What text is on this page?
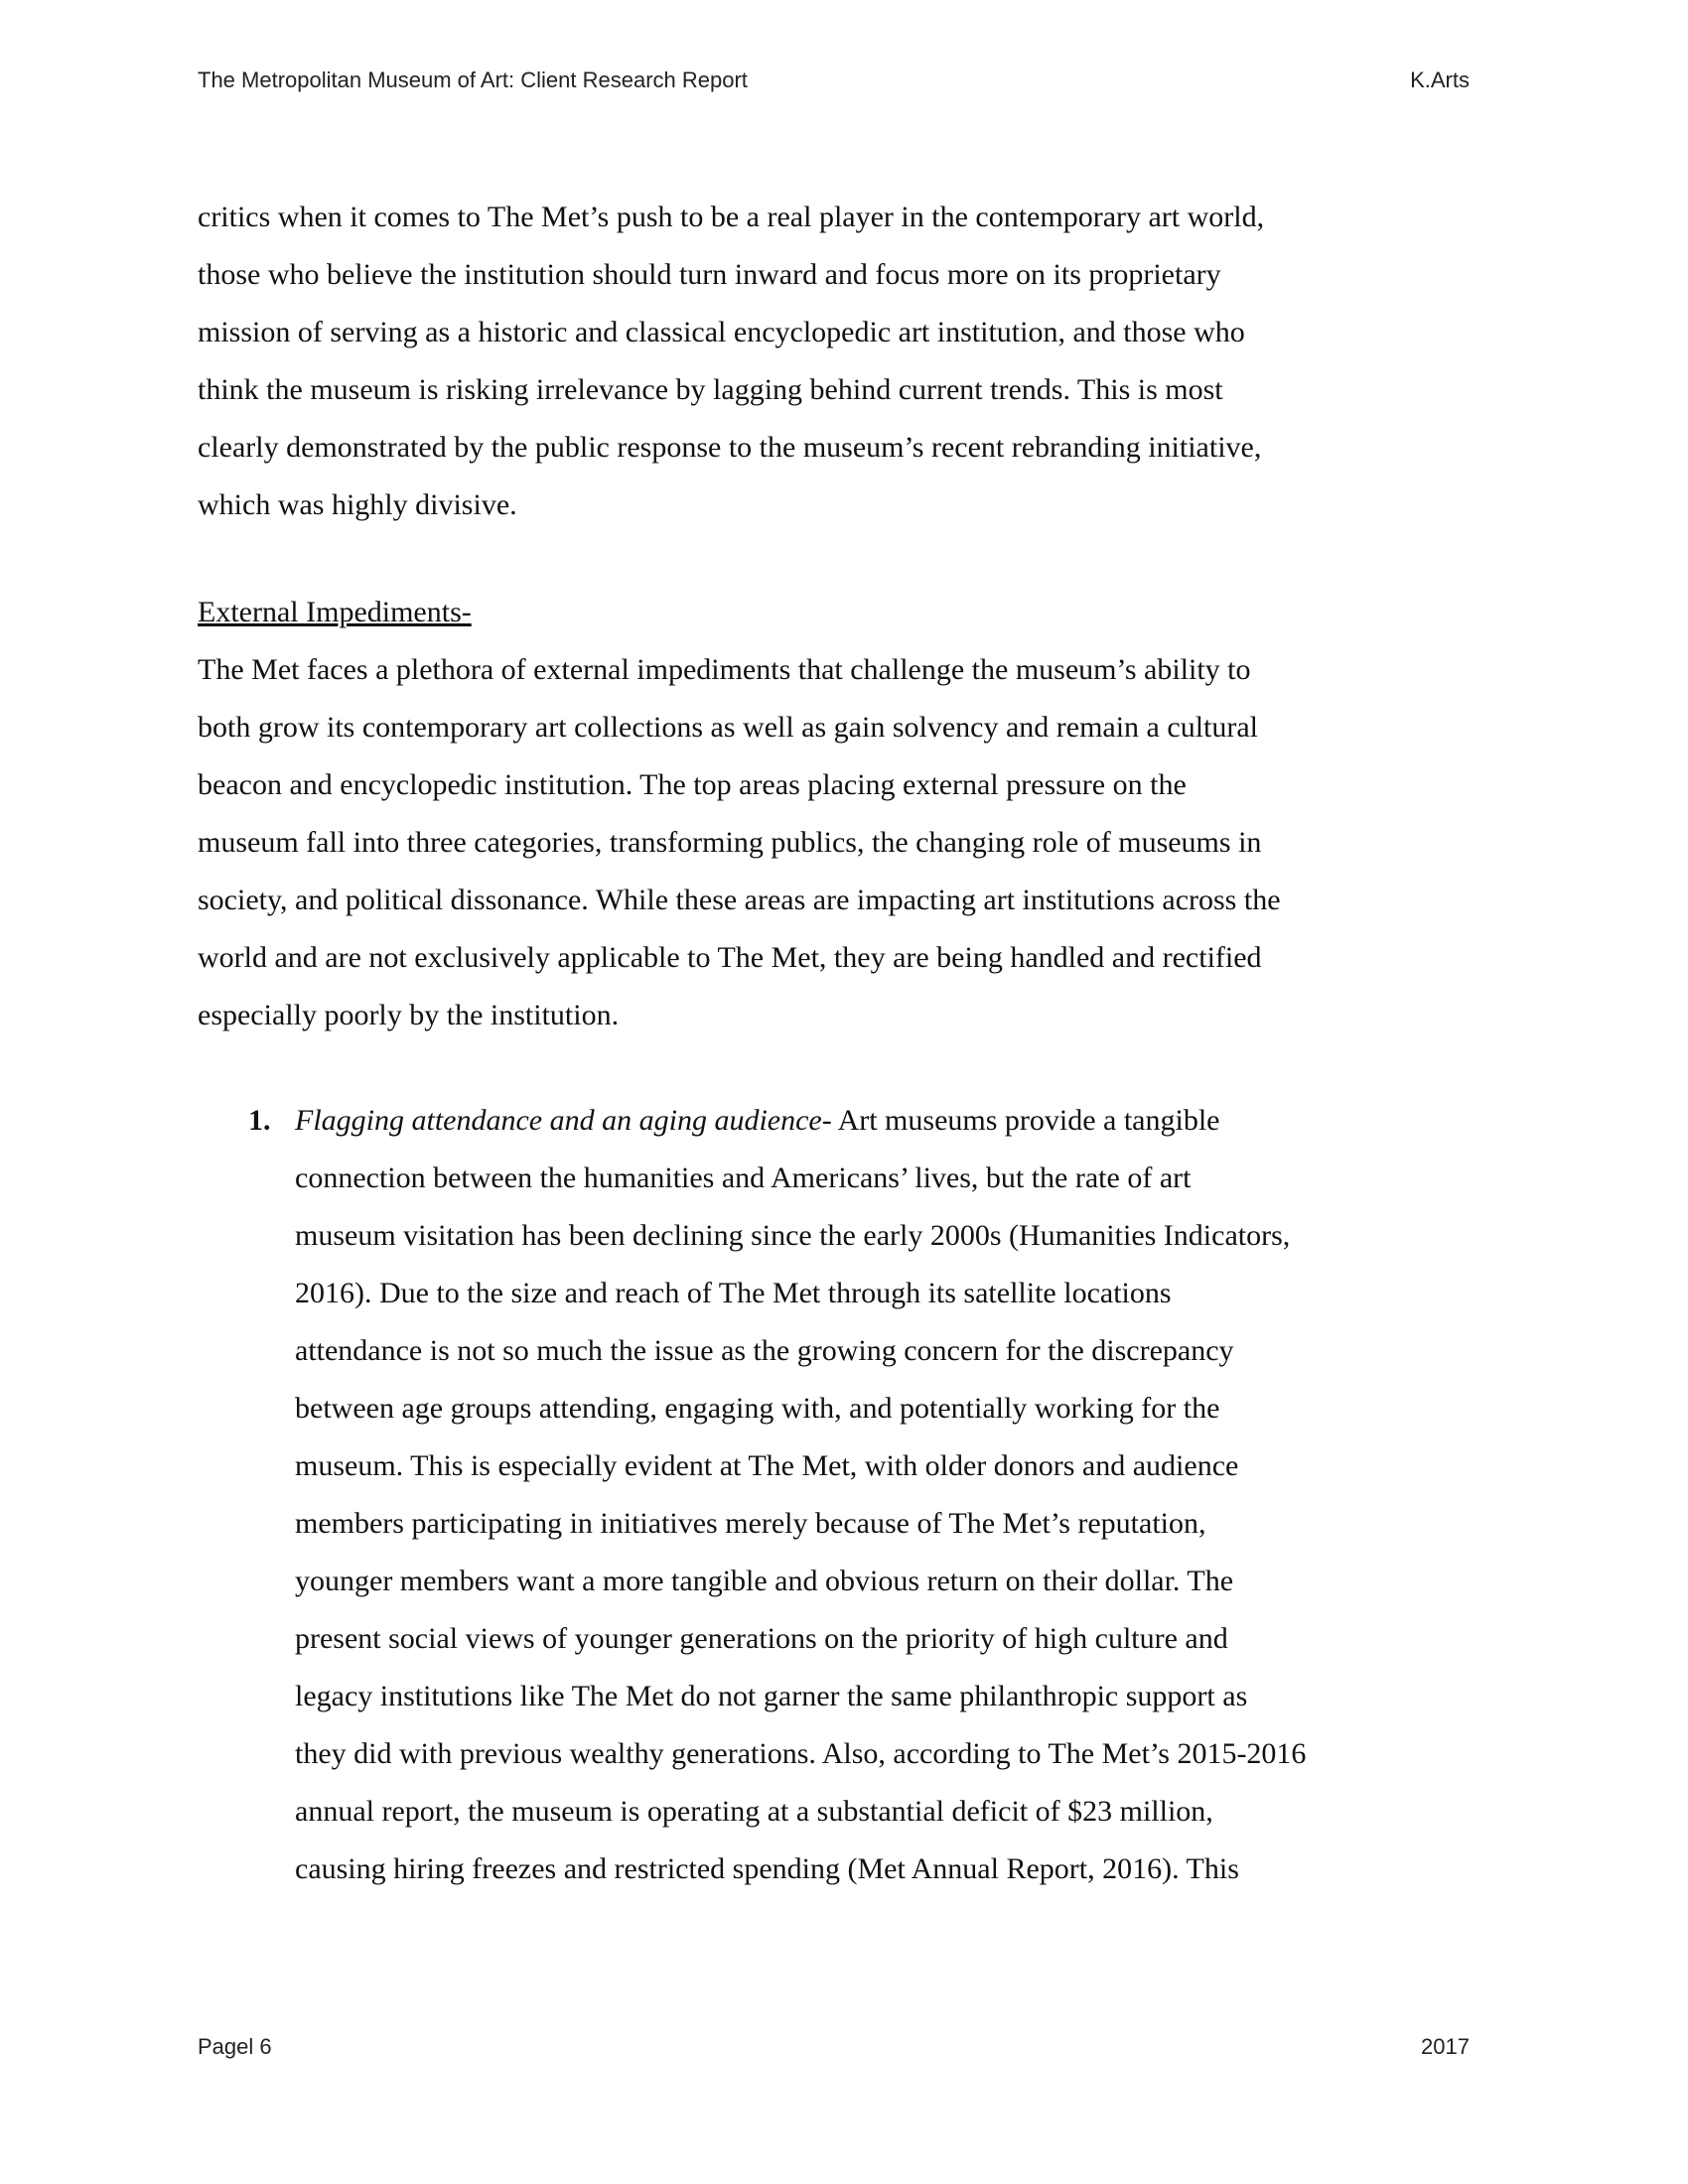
The Metropolitan Museum of Art: Client Research Report	K.Arts
critics when it comes to The Met’s push to be a real player in the contemporary art world,
those who believe the institution should turn inward and focus more on its proprietary
mission of serving as a historic and classical encyclopedic art institution, and those who
think the museum is risking irrelevance by lagging behind current trends. This is most
clearly demonstrated by the public response to the museum’s recent rebranding initiative,
which was highly divisive.
External Impediments-
The Met faces a plethora of external impediments that challenge the museum’s ability to
both grow its contemporary art collections as well as gain solvency and remain a cultural
beacon and encyclopedic institution. The top areas placing external pressure on the
museum fall into three categories, transforming publics, the changing role of museums in
society, and political dissonance. While these areas are impacting art institutions across the
world and are not exclusively applicable to The Met, they are being handled and rectified
especially poorly by the institution.
1. Flagging attendance and an aging audience- Art museums provide a tangible
connection between the humanities and Americans’ lives, but the rate of art
museum visitation has been declining since the early 2000s (Humanities Indicators,
2016). Due to the size and reach of The Met through its satellite locations
attendance is not so much the issue as the growing concern for the discrepancy
between age groups attending, engaging with, and potentially working for the
museum. This is especially evident at The Met, with older donors and audience
members participating in initiatives merely because of The Met’s reputation,
younger members want a more tangible and obvious return on their dollar. The
present social views of younger generations on the priority of high culture and
legacy institutions like The Met do not garner the same philanthropic support as
they did with previous wealthy generations. Also, according to The Met’s 2015-2016
annual report, the museum is operating at a substantial deficit of $23 million,
causing hiring freezes and restricted spending (Met Annual Report, 2016). This
Pagel 6	2017
